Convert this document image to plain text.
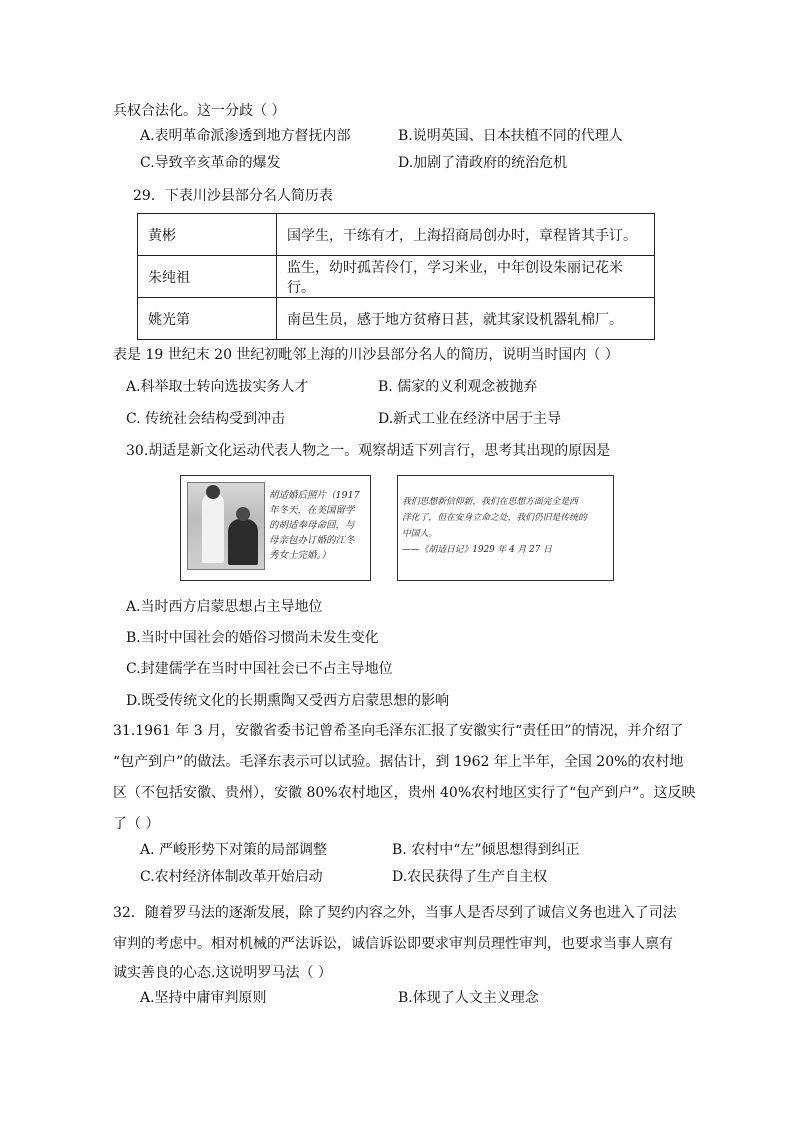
兵权合法化。这一分歧（ ）
A.表明革命派渗透到地方督抚内部	B.说明英国、日本扶植不同的代理人
C.导致辛亥革命的爆发	D.加剧了清政府的统治危机
29．下表川沙县部分名人简历表
黄彬	国学生，干练有才，上海招商局创办时，章程皆其手订。
朱纯祖	监生，幼时孤苦伶仃，学习米业，中年创设朱丽记花米行。
姚光第	南邑生员，感于地方贫瘠日甚，就其家设机器轧棉厂。
表是 19 世纪末 20 世纪初毗邻上海的川沙县部分名人的简历，说明当时国内（ ）
A.科举取士转向选拔实务人才	B. 儒家的义利观念被抛弃
C. 传统社会结构受到冲击	D.新式工业在经济中居于主导
30.胡适是新文化运动代表人物之一。观察胡适下列言行，思考其出现的原因是
胡适婚后照片（1917
年冬天，在美国留学
的胡适奉母命回，与
母亲包办订婚的江冬
秀女士完婚。）
我们思想新信仰新，我们在思想方面完全是西
洋化了，但在安身立命之处，我们仍旧是传统的
中国人。
——《胡适日记》1929 年 4 月 27 日
A.当时西方启蒙思想占主导地位
B.当时中国社会的婚俗习惯尚未发生变化
C.封建儒学在当时中国社会已不占主导地位
D.既受传统文化的长期熏陶又受西方启蒙思想的影响
31.1961 年 3 月，安徽省委书记曾希圣向毛泽东汇报了安徽实行“责任田”的情况，并介绍了
“包产到户”的做法。毛泽东表示可以试验。据估计，到 1962 年上半年，全国 20%的农村地
区（不包括安徽、贵州），安徽 80%农村地区，贵州 40%农村地区实行了“包产到户”。这反映
了（ ）
A. 严峻形势下对策的局部调整	B. 农村中“左”倾思想得到纠正
C.农村经济体制改革开始启动	D.农民获得了生产自主权
32．随着罗马法的逐渐发展，除了契约内容之外，当事人是否尽到了诚信义务也进入了司法
审判的考虑中。相对机械的严法诉讼，诚信诉讼即要求审判员理性审判，也要求当事人禀有
诚实善良的心态.这说明罗马法（ ）
A.坚持中庸审判原则	B.体现了人文主义理念
